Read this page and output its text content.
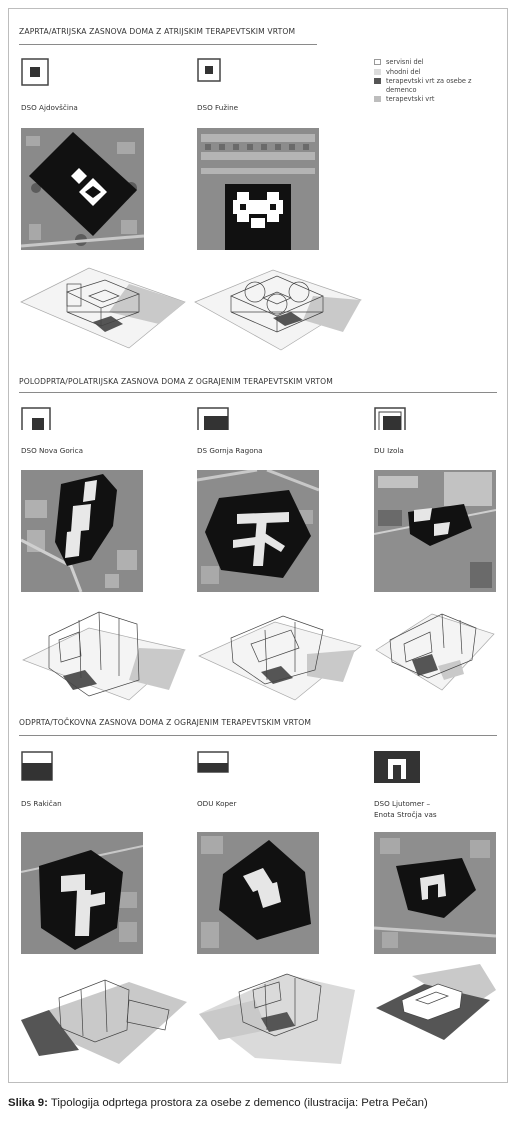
ZAPRTA/ATRIJSKA ZASNOVA DOMA Z ATRIJSKIM TERAPEVTSKIM VRTOM
servisni del
vhodni del
terapevtski vrt za osebe z demenco
terapevtski vrt
DSO Ajdovščina	DSO Fužine
POLODPRTA/POLATRIJSKA ZASNOVA DOMA Z OGRAJENIM TERAPEVTSKIM VRTOM
DSO Nova Gorica	DS Gornja Ragona	DU Izola
ODPRTA/TOČKOVNA ZASNOVA DOMA Z OGRAJENIM TERAPEVTSKIM VRTOM
DS Rakičan	ODU Koper	DSO Ljutomer –
Enota Stročja vas
Slika 9: Tipologija odprtega prostora za osebe z demenco (ilustracija: Petra Pečan)
